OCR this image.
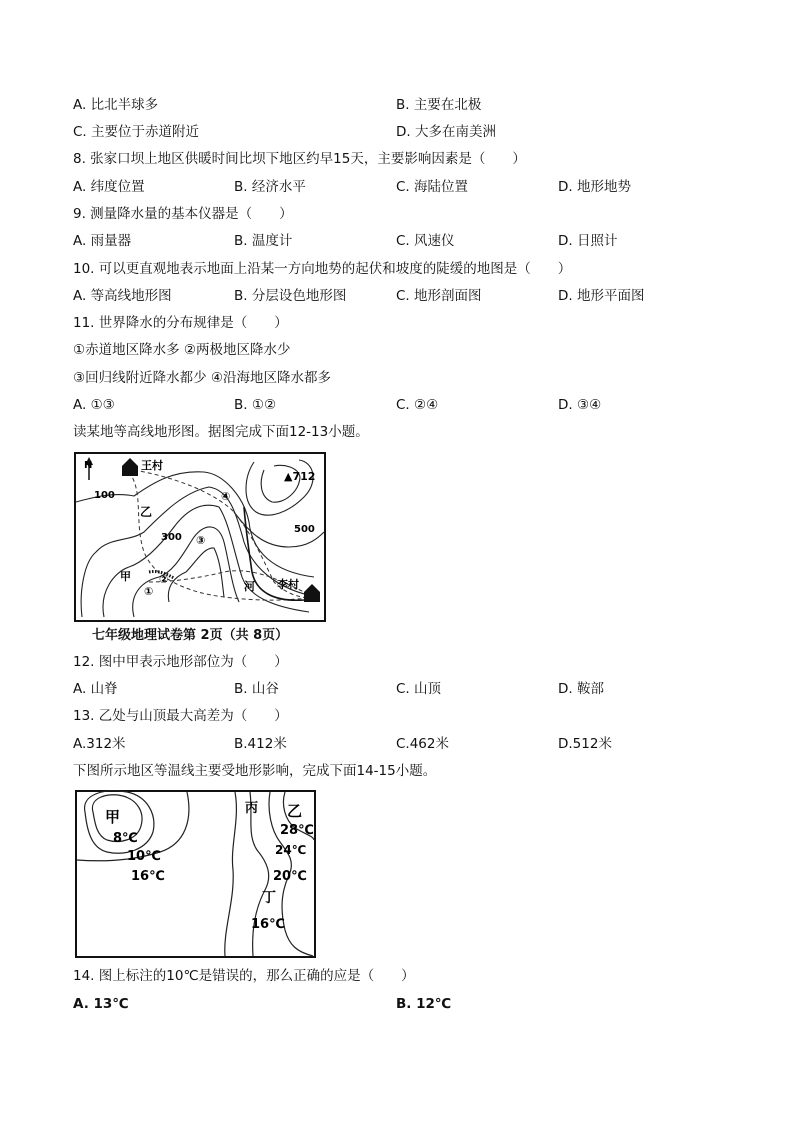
A. 比北半球多	B. 主要在北极
C. 主要位于赤道附近	D. 大多在南美洲
8. 张家口坝上地区供暖时间比坝下地区约早15天，主要影响因素是（　　）
A. 纬度位置	B. 经济水平	C. 海陆位置	D. 地形地势
9. 测量降水量的基本仪器是（　　）
A. 雨量器	B. 温度计	C. 风速仪	D. 日照计
10. 可以更直观地表示地面上沿某一方向地势的起伏和坡度的陡缓的地图是（　　）
A. 等高线地形图	B. 分层设色地形图	C. 地形剖面图	D. 地形平面图
11. 世界降水的分布规律是（　　）
①赤道地区降水多 ②两极地区降水少
③回归线附近降水都少 ④沿海地区降水都多
A. ①③	B. ①②	C. ②④	D. ③④
读某地等高线地形图。据图完成下面12-13小题。
N	王村
▲712
100
乙
300
500
④
③
②
①
甲
河 李村
七年级地理试卷第 2页（共 8页）
12. 图中甲表示地形部位为（　　）
A. 山脊	B. 山谷	C. 山顶	D. 鞍部
13. 乙处与山顶最大高差为（　　）
A.312米	B.412米	C.462米	D.512米
下图所示地区等温线主要受地形影响，完成下面14-15小题。
甲
8℃
10℃
16℃
丙 乙
28℃
24℃
20℃
丁
16℃
14. 图上标注的10℃是错误的，那么正确的应是（　　）
A. 13℃	B. 12℃
